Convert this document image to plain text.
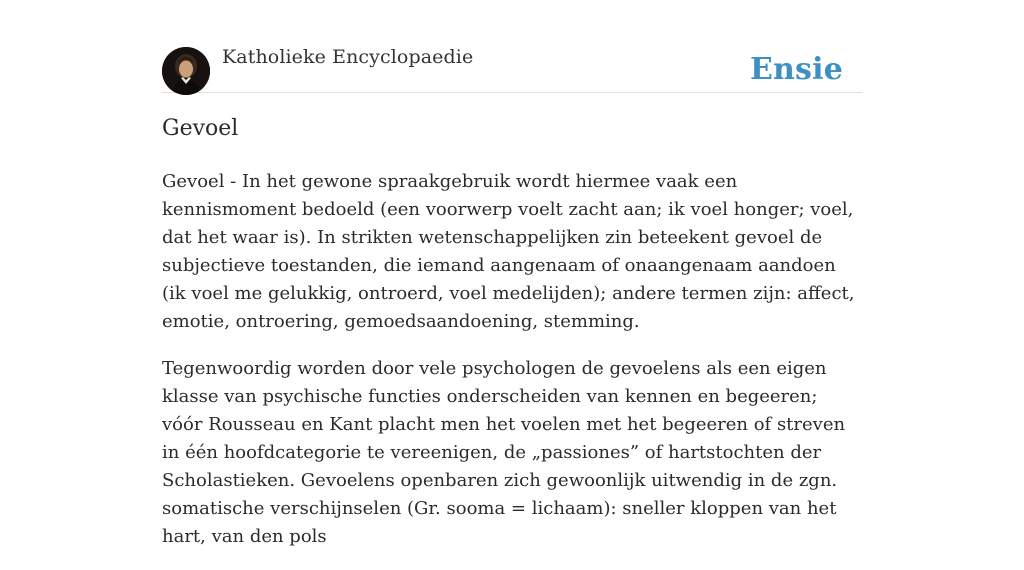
Katholieke Encyclopaedie	Ensie
Gevoel

Gevoel - In het gewone spraakgebruik wordt hiermee vaak een kennismoment bedoeld (een voorwerp voelt zacht aan; ik voel honger; voel, dat het waar is). In strikten wetenschappelijken zin beteekent gevoel de subjectieve toestanden, die iemand aangenaam of onaangenaam aandoen (ik voel me gelukkig, ontroerd, voel medelijden); andere termen zijn: affect, emotie, ontroering, gemoedsaandoening, stemming.

Tegenwoordig worden door vele psychologen de gevoelens als een eigen klasse van psychische functies onderscheiden van kennen en begeeren; vóór Rousseau en Kant placht men het voelen met het begeeren of streven in één hoofdcategorie te vereenigen, de „passiones” of hartstochten der Scholastieken. Gevoelens openbaren zich gewoonlijk uitwendig in de zgn. somatische verschijnselen (Gr. sooma = lichaam): sneller kloppen van het hart, van den pols
